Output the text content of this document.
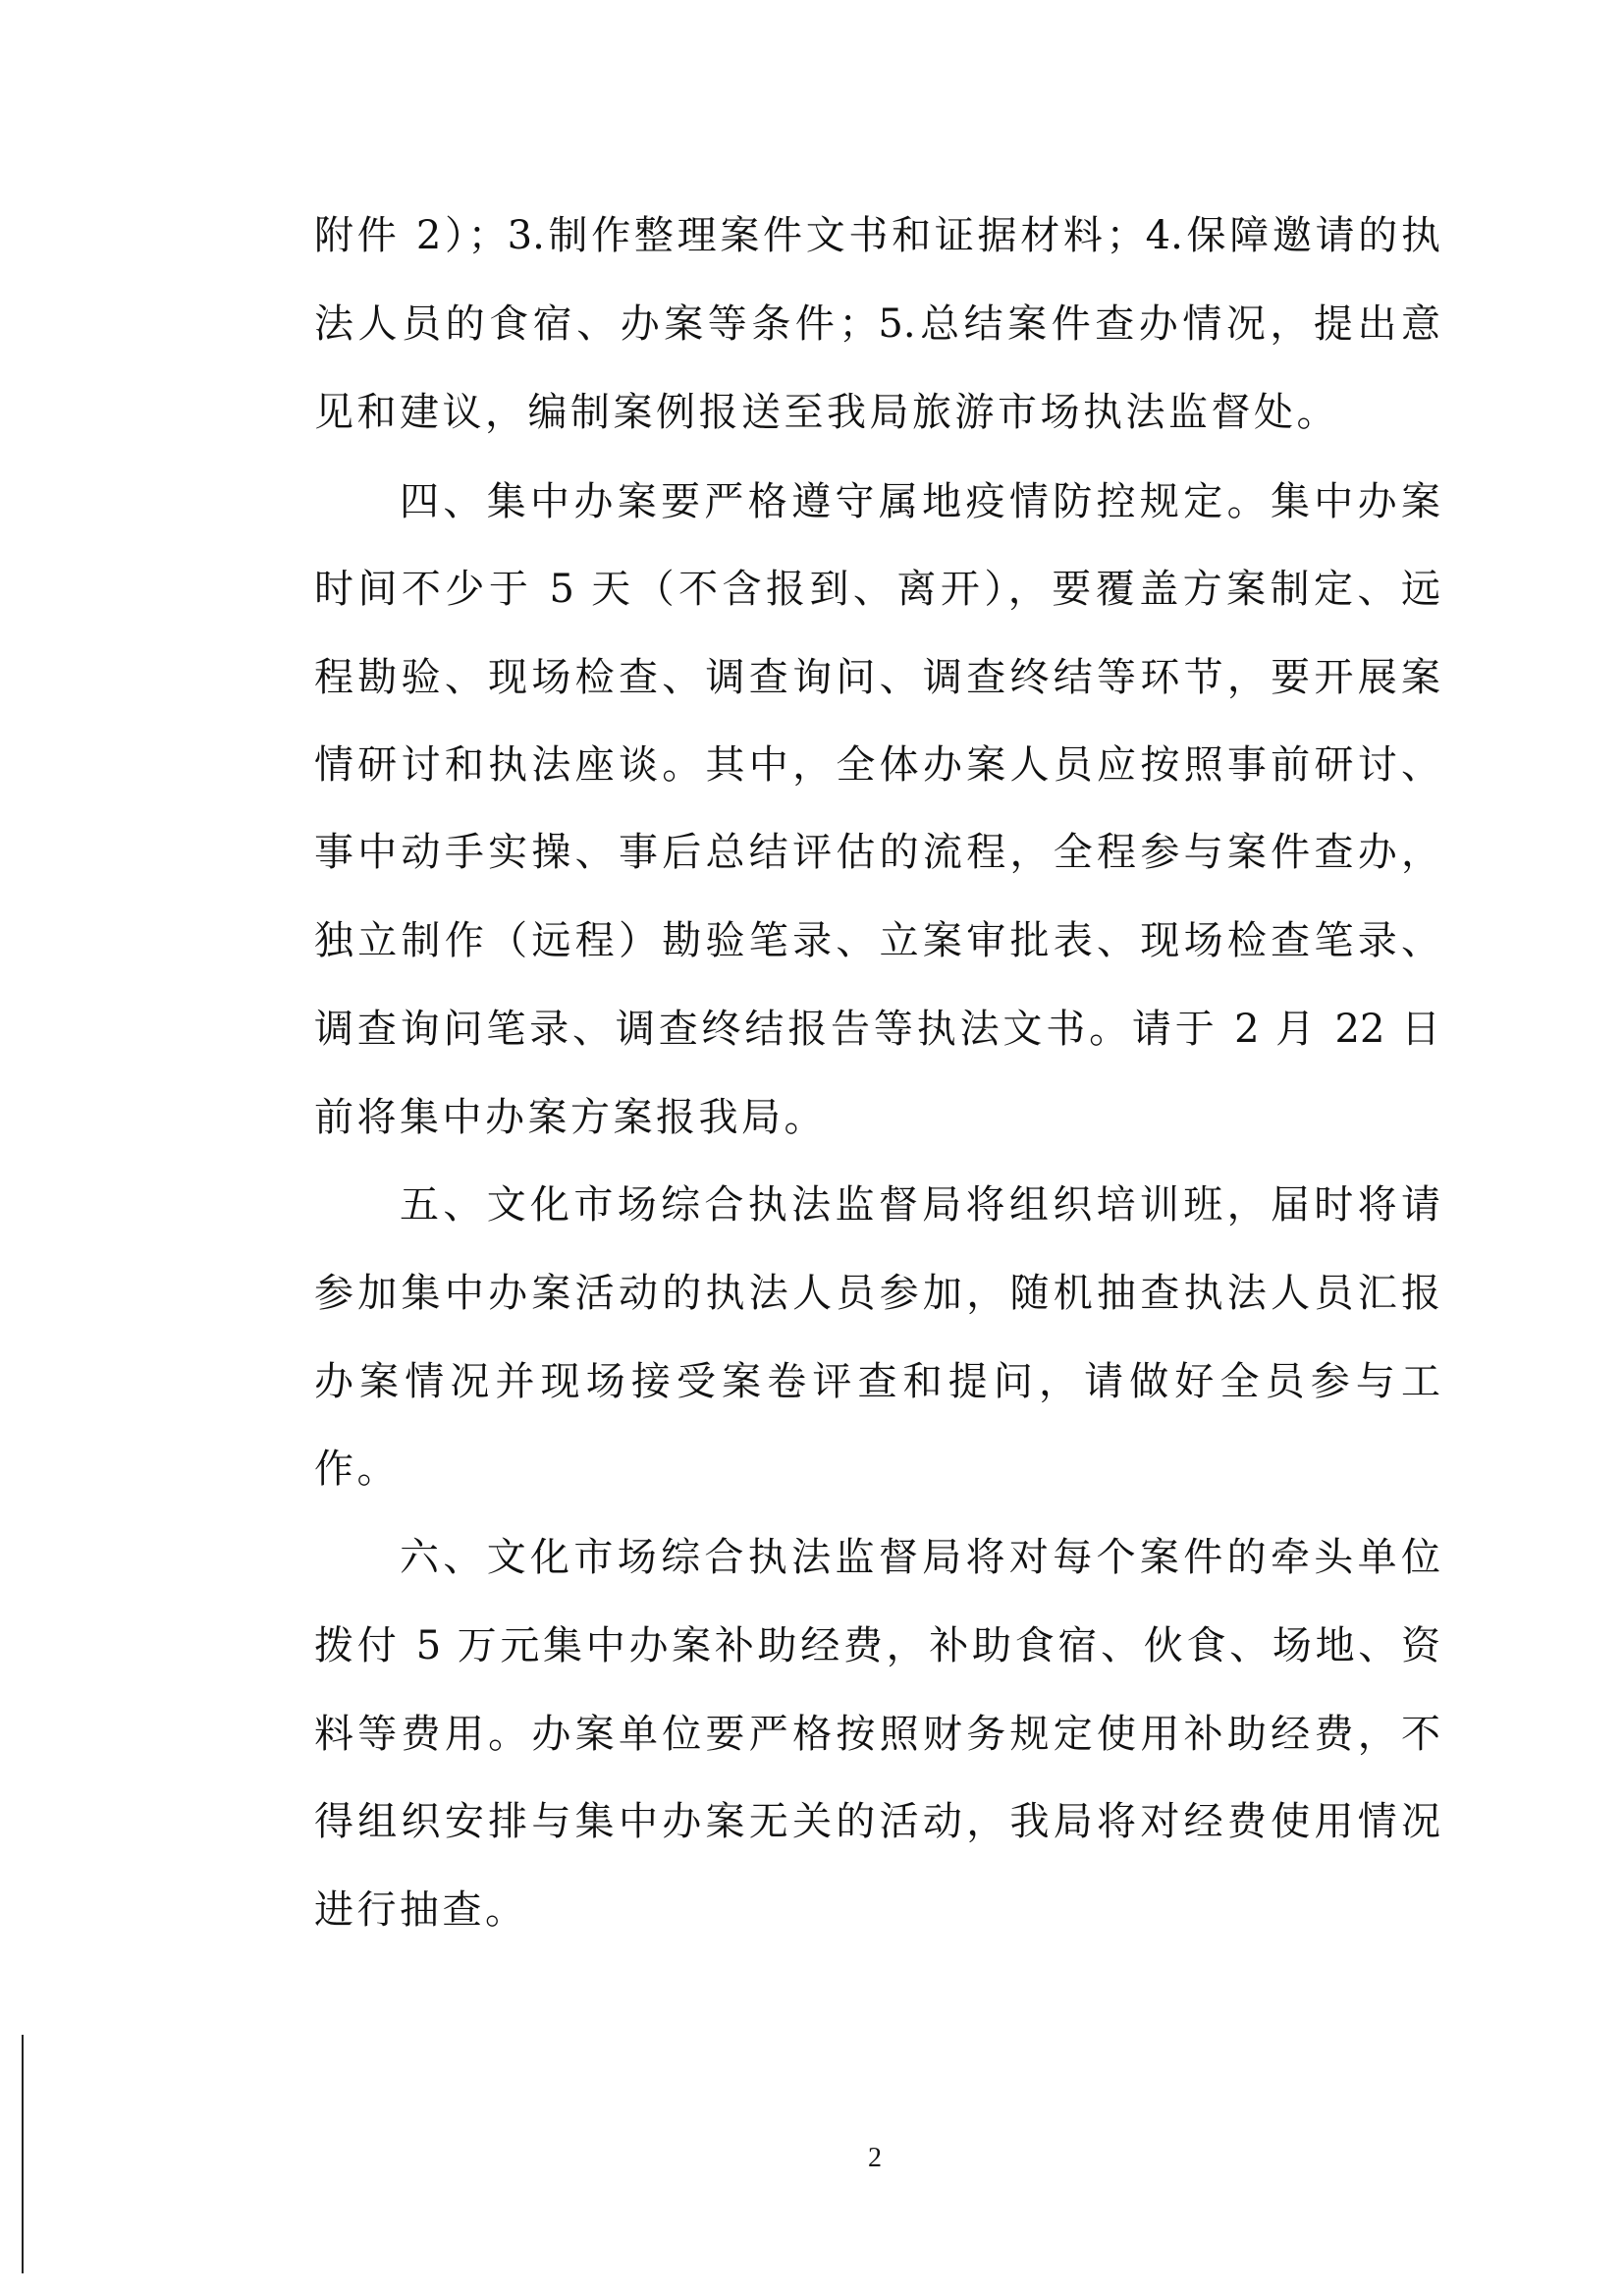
附件 2）；3.制作整理案件文书和证据材料；4.保障邀请的执
法人员的食宿、办案等条件；5.总结案件查办情况，提出意
见和建议，编制案例报送至我局旅游市场执法监督处。
四、集中办案要严格遵守属地疫情防控规定。集中办案
时间不少于 5 天（不含报到、离开），要覆盖方案制定、远
程勘验、现场检查、调查询问、调查终结等环节，要开展案
情研讨和执法座谈。其中，全体办案人员应按照事前研讨、
事中动手实操、事后总结评估的流程，全程参与案件查办，
独立制作（远程）勘验笔录、立案审批表、现场检查笔录、
调查询问笔录、调查终结报告等执法文书。请于 2 月 22 日
前将集中办案方案报我局。
五、文化市场综合执法监督局将组织培训班，届时将请
参加集中办案活动的执法人员参加，随机抽查执法人员汇报
办案情况并现场接受案卷评查和提问，请做好全员参与工
作。
六、文化市场综合执法监督局将对每个案件的牵头单位
拨付 5 万元集中办案补助经费，补助食宿、伙食、场地、资
料等费用。办案单位要严格按照财务规定使用补助经费，不
得组织安排与集中办案无关的活动，我局将对经费使用情况
进行抽查。
2
